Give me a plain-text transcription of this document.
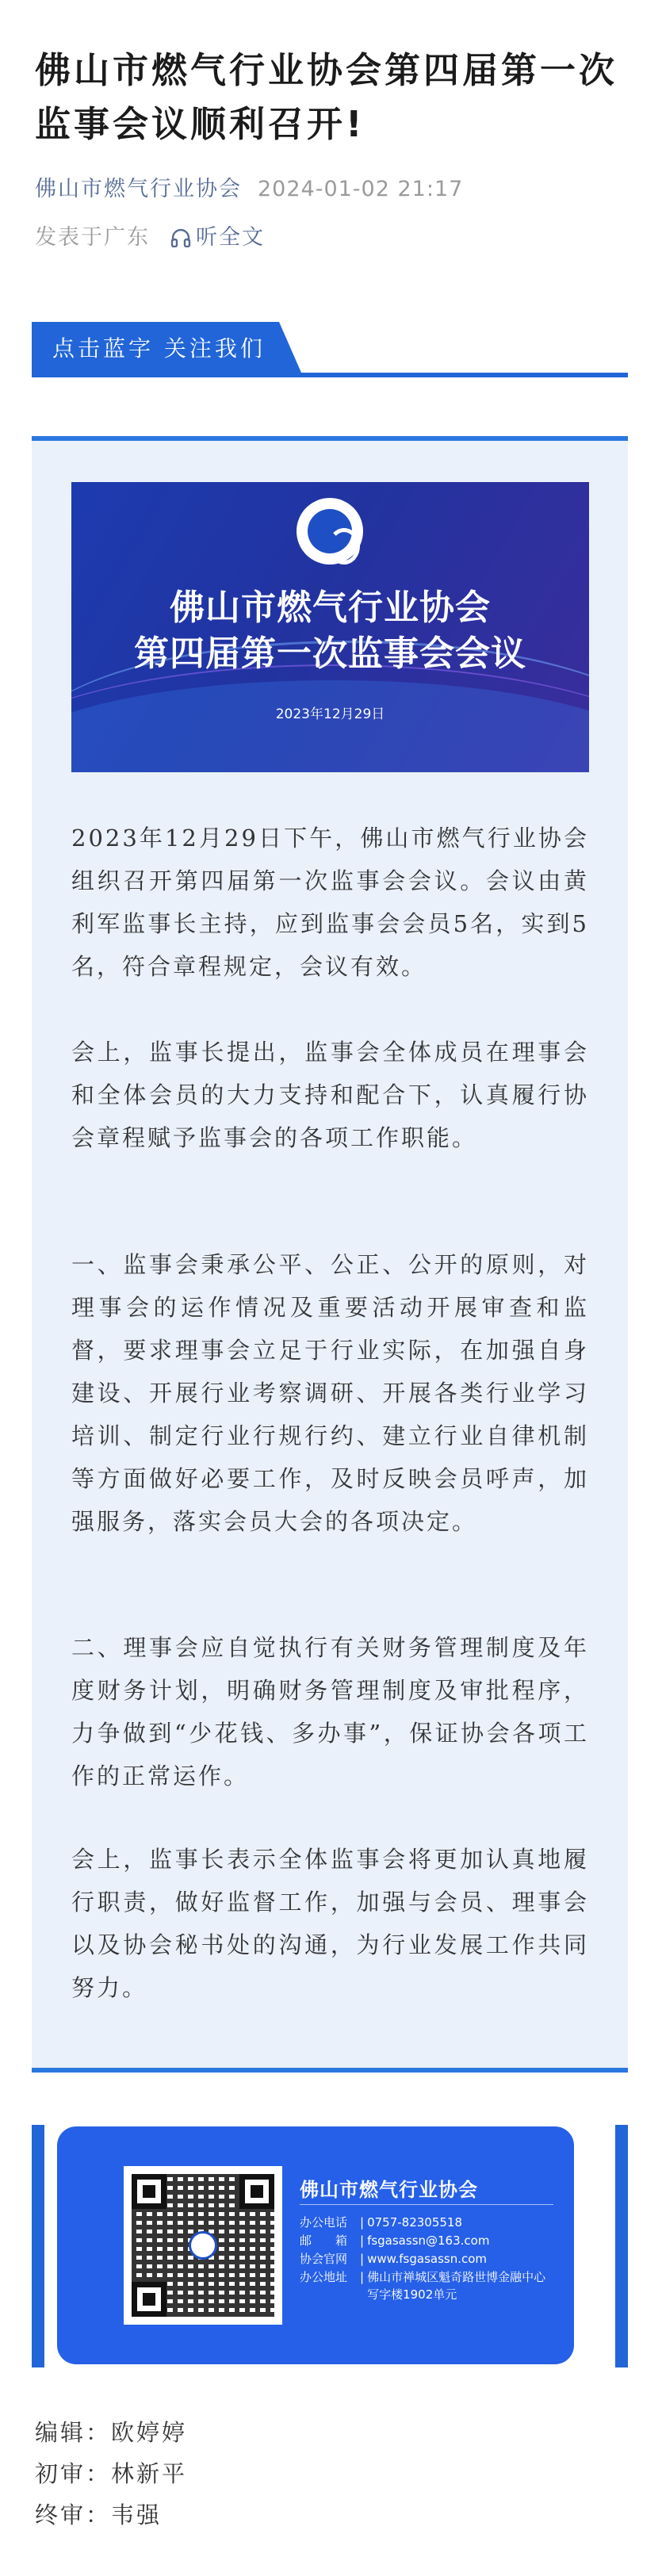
佛山市燃气行业协会第四届第一次监事会议顺利召开!
佛山市燃气行业协会 2024-01-02 21:17
发表于广东 听全文
点击蓝字 关注我们
佛山市燃气行业协会
第四届第一次监事会会议
2023年12月29日
2023年12月29日下午，佛山市燃气行业协会组织召开第四届第一次监事会会议。会议由黄利军监事长主持，应到监事会会员5名，实到5名，符合章程规定，会议有效。
会上，监事长提出，监事会全体成员在理事会和全体会员的大力支持和配合下，认真履行协会章程赋予监事会的各项工作职能。
一、监事会秉承公平、公正、公开的原则，对理事会的运作情况及重要活动开展审查和监督，要求理事会立足于行业实际，在加强自身建设、开展行业考察调研、开展各类行业学习培训、制定行业行规行约、建立行业自律机制等方面做好必要工作，及时反映会员呼声，加强服务，落实会员大会的各项决定。
二、理事会应自觉执行有关财务管理制度及年度财务计划，明确财务管理制度及审批程序，力争做到“少花钱、多办事”，保证协会各项工作的正常运作。
会上，监事长表示全体监事会将更加认真地履行职责，做好监督工作，加强与会员、理事会以及协会秘书处的沟通，为行业发展工作共同努力。
佛山市燃气行业协会
办公电话 | 0757-82305518
邮　　箱 | fsgasassn@163.com
协会官网 | www.fsgasassn.com
办公地址 | 佛山市禅城区魁奇路世博金融中心写字楼1902单元
编辑：欧婷婷
初审：林新平
终审：韦强
